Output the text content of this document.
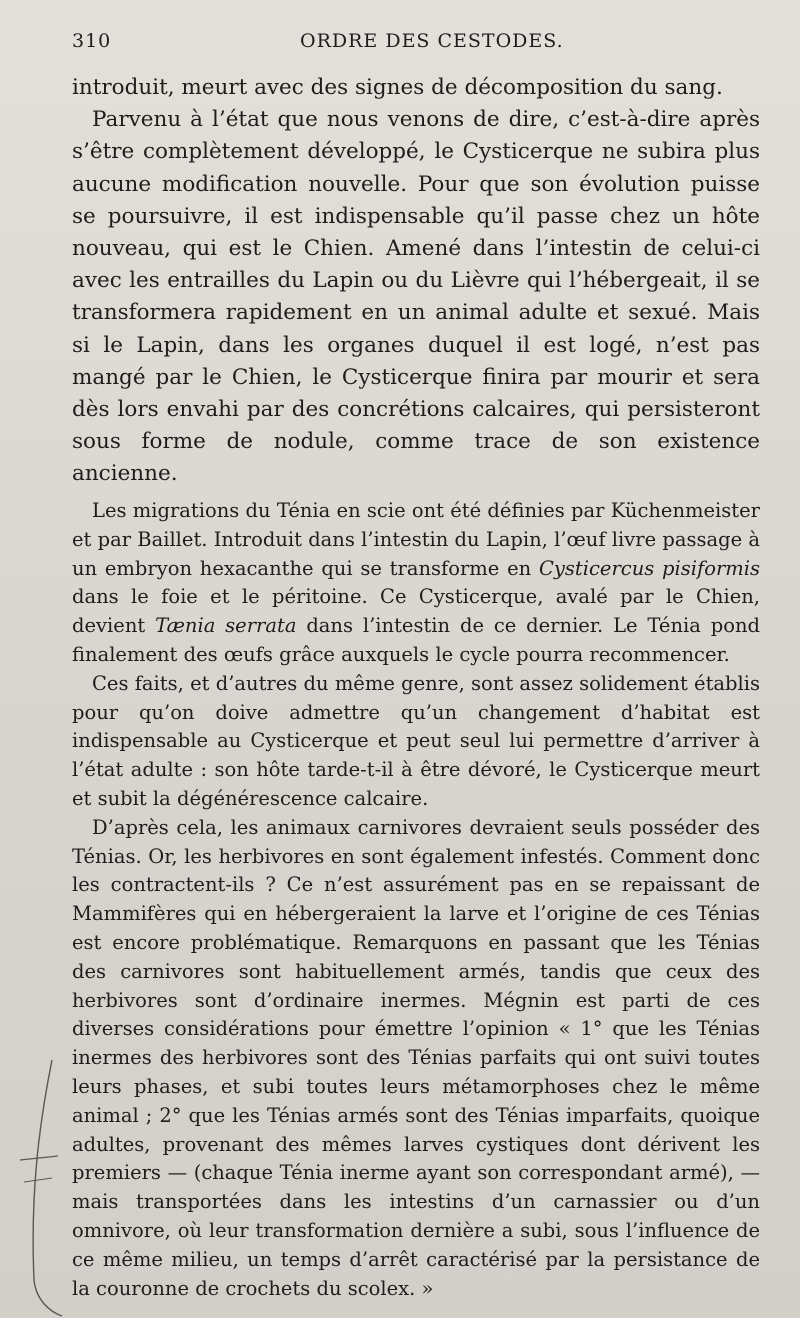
310	ORDRE DES CESTODES.

introduit, meurt avec des signes de décomposition du sang.

Parvenu à l’état que nous venons de dire, c’est-à-dire après s’être complètement développé, le Cysticerque ne subira plus aucune modification nouvelle. Pour que son évolution puisse se poursuivre, il est indispensable qu’il passe chez un hôte nouveau, qui est le Chien. Amené dans l’intestin de celui-ci avec les entrailles du Lapin ou du Lièvre qui l’hébergeait, il se transformera rapidement en un animal adulte et sexué. Mais si le Lapin, dans les organes duquel il est logé, n’est pas mangé par le Chien, le Cysticerque finira par mourir et sera dès lors envahi par des concrétions calcaires, qui persisteront sous forme de nodule, comme trace de son existence ancienne.

Les migrations du Ténia en scie ont été définies par Küchenmeister et par Baillet. Introduit dans l’intestin du Lapin, l’œuf livre passage à un embryon hexacanthe qui se transforme en Cysticercus pisiformis dans le foie et le péritoine. Ce Cysticerque, avalé par le Chien, devient Tænia serrata dans l’intestin de ce dernier. Le Ténia pond finalement des œufs grâce auxquels le cycle pourra recommencer.

Ces faits, et d’autres du même genre, sont assez solidement établis pour qu’on doive admettre qu’un changement d’habitat est indispensable au Cysticerque et peut seul lui permettre d’arriver à l’état adulte : son hôte tarde-t-il à être dévoré, le Cysticerque meurt et subit la dégénérescence calcaire.

D’après cela, les animaux carnivores devraient seuls posséder des Ténias. Or, les herbivores en sont également infestés. Comment donc les contractent-ils ? Ce n’est assurément pas en se repaissant de Mammifères qui en hébergeraient la larve et l’origine de ces Ténias est encore problématique. Remarquons en passant que les Ténias des carnivores sont habituellement armés, tandis que ceux des herbivores sont d’ordinaire inermes. Mégnin est parti de ces diverses considérations pour émettre l’opinion « 1° que les Ténias inermes des herbivores sont des Ténias parfaits qui ont suivi toutes leurs phases, et subi toutes leurs métamorphoses chez le même animal ; 2° que les Ténias armés sont des Ténias imparfaits, quoique adultes, provenant des mêmes larves cystiques dont dérivent les premiers — (chaque Ténia inerme ayant son correspondant armé), — mais transportées dans les intestins d’un carnassier ou d’un omnivore, où leur transformation dernière a subi, sous l’influence de ce même milieu, un temps d’arrêt caractérisé par la persistance de la couronne de crochets du scolex. »
